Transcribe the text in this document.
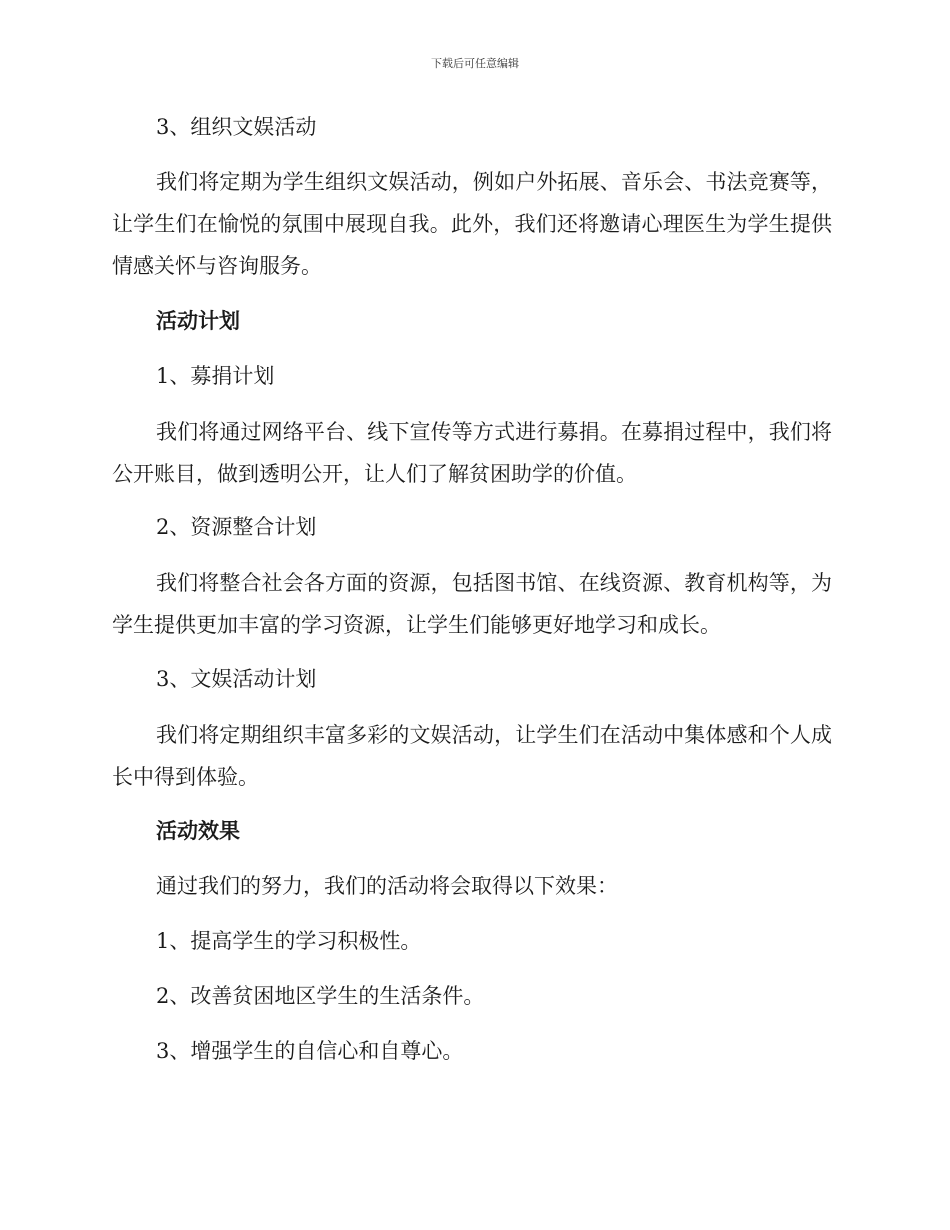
下载后可任意编辑
3、组织文娱活动
我们将定期为学生组织文娱活动，例如户外拓展、音乐会、书法竞赛等，让学生们在愉悦的氛围中展现自我。此外，我们还将邀请心理医生为学生提供情感关怀与咨询服务。
活动计划
1、募捐计划
我们将通过网络平台、线下宣传等方式进行募捐。在募捐过程中，我们将公开账目，做到透明公开，让人们了解贫困助学的价值。
2、资源整合计划
我们将整合社会各方面的资源，包括图书馆、在线资源、教育机构等，为学生提供更加丰富的学习资源，让学生们能够更好地学习和成长。
3、文娱活动计划
我们将定期组织丰富多彩的文娱活动，让学生们在活动中集体感和个人成长中得到体验。
活动效果
通过我们的努力，我们的活动将会取得以下效果：
1、提高学生的学习积极性。
2、改善贫困地区学生的生活条件。
3、增强学生的自信心和自尊心。
